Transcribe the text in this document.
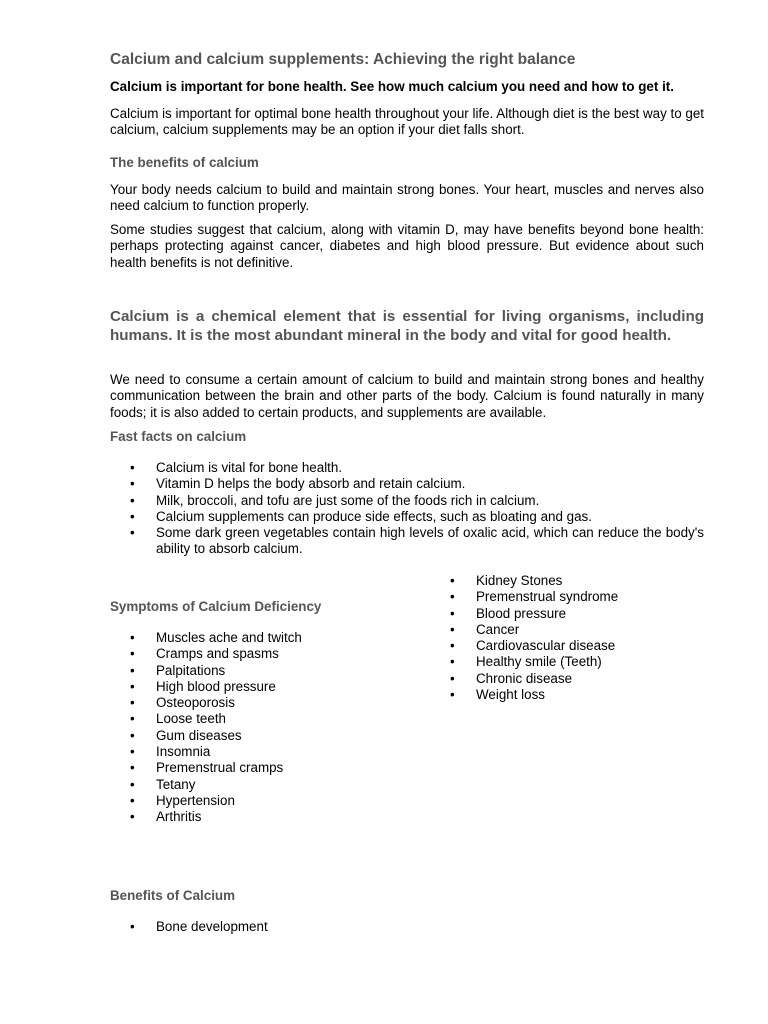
Calcium and calcium supplements: Achieving the right balance
Calcium is important for bone health. See how much calcium you need and how to get it.
Calcium is important for optimal bone health throughout your life. Although diet is the best way to get calcium, calcium supplements may be an option if your diet falls short.
The benefits of calcium
Your body needs calcium to build and maintain strong bones. Your heart, muscles and nerves also need calcium to function properly.
Some studies suggest that calcium, along with vitamin D, may have benefits beyond bone health: perhaps protecting against cancer, diabetes and high blood pressure. But evidence about such health benefits is not definitive.
Calcium is a chemical element that is essential for living organisms, including humans. It is the most abundant mineral in the body and vital for good health.
We need to consume a certain amount of calcium to build and maintain strong bones and healthy communication between the brain and other parts of the body. Calcium is found naturally in many foods; it is also added to certain products, and supplements are available.
Fast facts on calcium
• Calcium is vital for bone health.
• Vitamin D helps the body absorb and retain calcium.
• Milk, broccoli, and tofu are just some of the foods rich in calcium.
• Calcium supplements can produce side effects, such as bloating and gas.
• Some dark green vegetables contain high levels of oxalic acid, which can reduce the body's ability to absorb calcium.
• Kidney Stones
• Premenstrual syndrome
• Blood pressure
• Cancer
• Cardiovascular disease
• Healthy smile (Teeth)
• Chronic disease
• Weight loss
Symptoms of Calcium Deficiency
• Muscles ache and twitch
• Cramps and spasms
• Palpitations
• High blood pressure
• Osteoporosis
• Loose teeth
• Gum diseases
• Insomnia
• Premenstrual cramps
• Tetany
• Hypertension
• Arthritis
Benefits of Calcium
• Bone development
